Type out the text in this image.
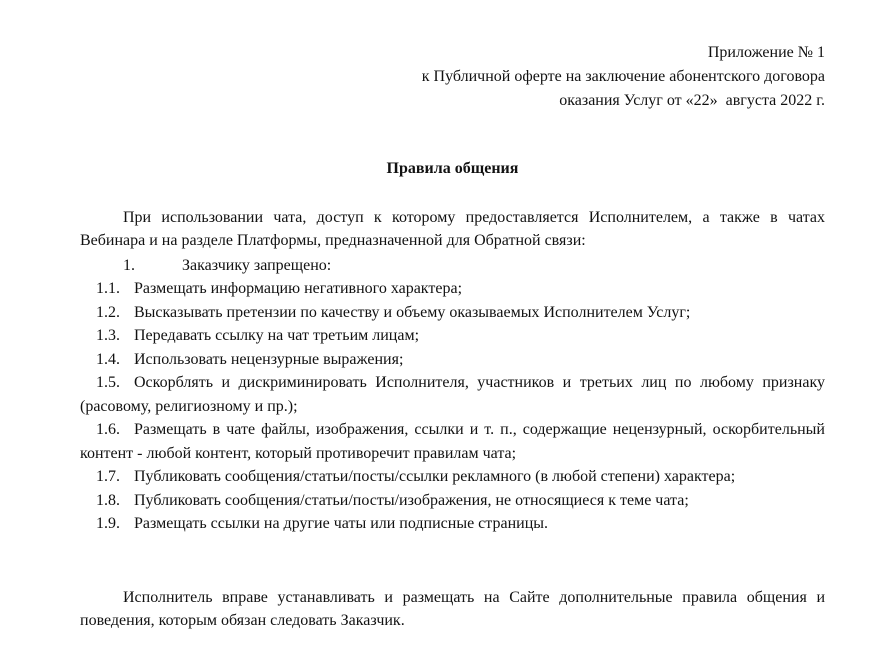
Приложение № 1
к Публичной оферте на заключение абонентского договора
оказания Услуг от «22»  августа 2022 г.
Правила общения
При использовании чата, доступ к которому предоставляется Исполнителем, а также в чатах Вебинара и на разделе Платформы, предназначенной для Обратной связи:
1.	Заказчику запрещено:
1.1. Размещать информацию негативного характера;
1.2. Высказывать претензии по качеству и объему оказываемых Исполнителем Услуг;
1.3. Передавать ссылку на чат третьим лицам;
1.4. Использовать нецензурные выражения;
1.5. Оскорблять и дискриминировать Исполнителя, участников и третьих лиц по любому признаку (расовому, религиозному и пр.);
1.6. Размещать в чате файлы, изображения, ссылки и т. п., содержащие нецензурный, оскорбительный контент - любой контент, который противоречит правилам чата;
1.7. Публиковать сообщения/статьи/посты/ссылки рекламного (в любой степени) характера;
1.8. Публиковать сообщения/статьи/посты/изображения, не относящиеся к теме чата;
1.9. Размещать ссылки на другие чаты или подписные страницы.
Исполнитель вправе устанавливать и размещать на Сайте дополнительные правила общения и поведения, которым обязан следовать Заказчик.
